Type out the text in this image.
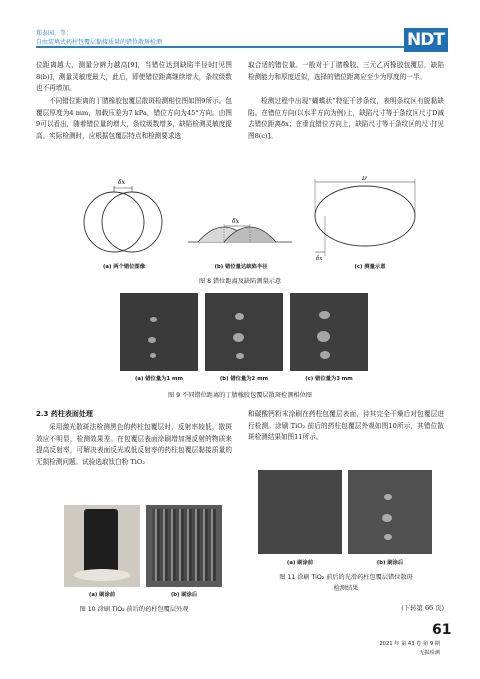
郑泰园，等：
自由装填式药柱包覆层黏接质量的错位散斑检测	NDT
位距离越大，测量分辨力越高[9]，当错位达到缺陷半径时[见图8(b)]，测量灵敏度最大，此后，即使错位距离继续增大，条纹级数也不再增加。
不同错位距离的丁腈橡胶包覆层散斑检测相位图如图9所示。包覆层厚度为4 mm，加载压差为7 kPa，错位方向为45°方向。由图9可以看出，随着错位量的增大，条纹级数增多，缺陷检测灵敏度提高。实际检测时，应根据包覆层特点和检测要求选
取合适的错位量。一般对于丁腈橡胶、三元乙丙橡胶包覆层，缺陷检测能力和厚度近似，选择的错位距离应至少为厚度的一半。
检测过程中出现“蝴蝶状”特征干涉条纹，表明条纹区有脱黏缺陷。在错位方向(以水平方向为例)上，缺陷尺寸等于条纹区尺寸D减去错位距离δx；在垂直错位方向上，缺陷尺寸等于条纹区的尺寸[见图8(c)]。
δx
δx
D
δx
(a) 两个错位图像	(b) 错位量达缺陷半径	(c) 测量示意
图 8 错位距离及缺陷测量示意
(a) 错位量为1 mm	(b) 错位量为2 mm	(c) 错位量为3 mm
图 9 不同错位距离的丁腈橡胶包覆层散斑检测相位图
2.3 药柱表面处理
采用激光散斑法检测黑色的药柱包覆层时，反射率较低，散斑效应不明显，检测效果差。在包覆层表面涂刷增加漫反射的物质来提高反射率，可解决表面反光或低反射率的药柱包覆层黏接质量的无损检测问题。试验选取钛白粉 TiO₂
和碳酸钙粉末涂刷在药柱包覆层表面，待其完全干燥后对包覆层进行检测。涂刷 TiO₂ 前后的药柱包覆层外观如图10所示，其错位散斑检测结果如图11所示。
(a) 刷涂前	(b) 刷涂后
图 10 涂刷 TiO₂ 前后的药柱包覆层外观
(a) 刷涂前	(b) 刷涂后
图 11 涂刷 TiO₂ 前后的光滑药柱包覆层错位散斑
检测结果
(下转第 66 页)
61
2021 年 第 43 卷 第 9 期
无损检测
